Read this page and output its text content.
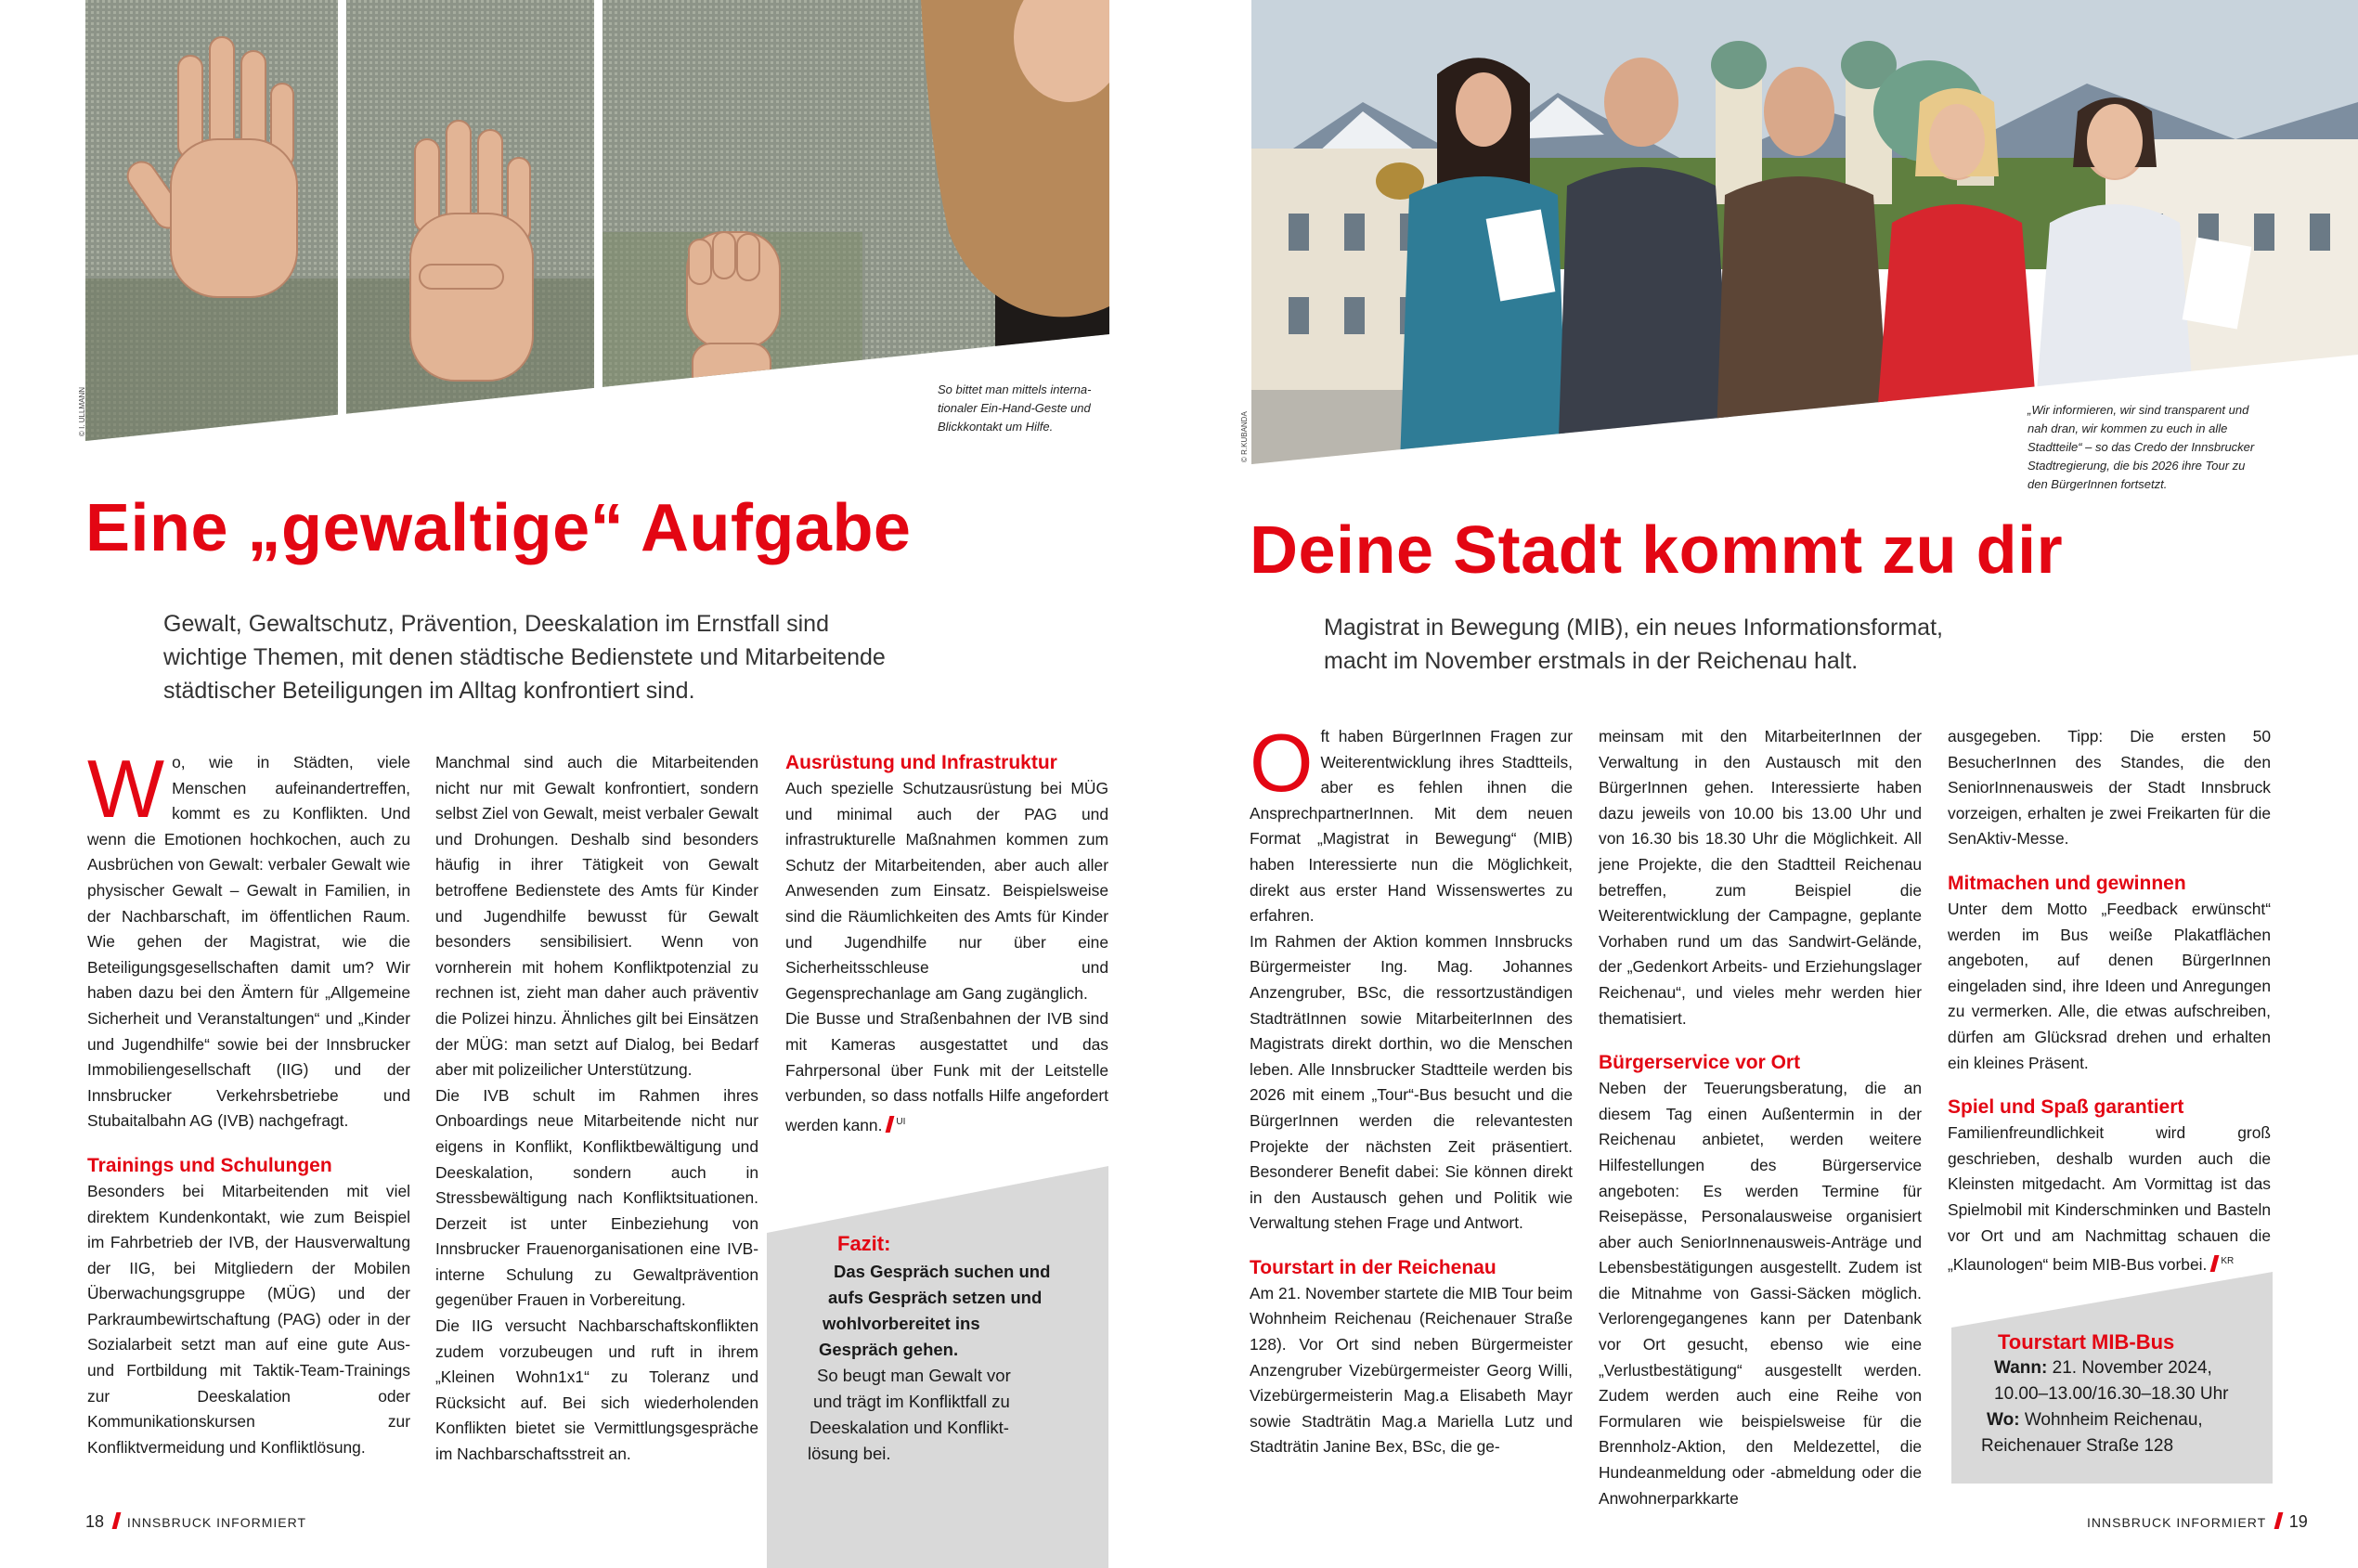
© I. ULLMANN	So bittet man mittels interna-
tionaler Ein-Hand-Geste und
Blickkontakt um Hilfe.
Eine „gewaltige“ Aufgabe
Gewalt, Gewaltschutz, Prävention, Deeskalation im Ernstfall sind
wichtige Themen, mit denen städtische Bedienstete und Mitarbeitende
städtischer Beteiligungen im Alltag konfrontiert sind.

Wo, wie in Städten, viele Menschen aufeinandertreffen, kommt es zu Konflikten. Und wenn die Emotionen hochkochen, auch zu Ausbrüchen von Gewalt: verbaler Gewalt wie physischer Gewalt – Gewalt in Familien, in der Nachbarschaft, im öffentlichen Raum. Wie gehen der Magistrat, wie die Beteiligungsgesellschaften damit um? Wir haben dazu bei den Ämtern für „Allgemeine Sicherheit und Veranstaltungen“ und „Kinder und Jugendhilfe“ sowie bei der Innsbrucker Immobiliengesellschaft (IIG) und der Innsbrucker Verkehrsbetriebe und Stubaitalbahn AG (IVB) nachgefragt.

Trainings und Schulungen

Besonders bei Mitarbeitenden mit viel direktem Kundenkontakt, wie zum Beispiel im Fahrbetrieb der IVB, der Hausverwaltung der IIG, bei Mitgliedern der Mobilen Überwachungsgruppe (MÜG) und der Parkraumbewirtschaftung (PAG) oder in der Sozialarbeit setzt man auf eine gute Aus- und Fortbildung mit Taktik-Team-Trainings zur Deeskalation oder Kommunikationskursen zur Konfliktvermeidung und Konfliktlösung.

Manchmal sind auch die Mitarbeitenden nicht nur mit Gewalt konfrontiert, sondern selbst Ziel von Gewalt, meist verbaler Gewalt und Drohungen. Deshalb sind besonders häufig in ihrer Tätigkeit von Gewalt betroffene Bedienstete des Amts für Kinder und Jugendhilfe bewusst für Gewalt besonders sensibilisiert. Wenn von vornherein mit hohem Konfliktpotenzial zu rechnen ist, zieht man daher auch präventiv die Polizei hinzu. Ähnliches gilt bei Einsätzen der MÜG: man setzt auf Dialog, bei Bedarf aber mit polizeilicher Unterstützung.

Die IVB schult im Rahmen ihres Onboardings neue Mitarbeitende nicht nur eigens in Konflikt, Konfliktbewältigung und Deeskalation, sondern auch in Stressbewältigung nach Konfliktsituationen. Derzeit ist unter Einbeziehung von Innsbrucker Frauenorganisationen eine IVB-interne Schulung zu Gewaltprävention gegenüber Frauen in Vorbereitung.

Die IIG versucht Nachbarschaftskonflikten zudem vorzubeugen und ruft in ihrem „Kleinen Wohn1x1“ zu Toleranz und Rücksicht auf. Bei sich wiederholenden Konflikten bietet sie Vermittlungsgespräche im Nachbarschaftsstreit an.

Ausrüstung und Infrastruktur

Auch spezielle Schutzausrüstung bei MÜG und minimal auch der PAG und infrastrukturelle Maßnahmen kommen zum Schutz der Mitarbeitenden, aber auch aller Anwesenden zum Einsatz. Beispielsweise sind die Räumlichkeiten des Amts für Kinder und Jugendhilfe nur über eine Sicherheitsschleuse und Gegensprechanlage am Gang zugänglich.

Die Busse und Straßenbahnen der IVB sind mit Kameras ausgestattet und das Fahrpersonal über Funk mit der Leitstelle verbunden, so dass notfalls Hilfe angefordert werden kann. $^{UI}$

Fazit:
Das Gespräch suchen und
aufs Gespräch setzen und
wohlvorbereitet ins
Gespräch gehen.
So beugt man Gewalt vor
und trägt im Konfliktfall zu
Deeskalation und Konflikt-
lösung bei.
18 INNSBRUCK INFORMIERT
© R.KUBANDA
„Wir informieren, wir sind transparent und
nah dran, wir kommen zu euch in alle
Stadtteile“ – so das Credo der Innsbrucker
Stadtregierung, die bis 2026 ihre Tour zu
den BürgerInnen fortsetzt.
Deine Stadt kommt zu dir
Magistrat in Bewegung (MIB), ein neues Informationsformat,
macht im November erstmals in der Reichenau halt.

Oft haben BürgerInnen Fragen zur Weiterentwicklung ihres Stadtteils, aber es fehlen ihnen die AnsprechpartnerInnen. Mit dem neuen Format „Magistrat in Bewegung“ (MIB) haben Interessierte nun die Möglichkeit, direkt aus erster Hand Wissenswertes zu erfahren.

Im Rahmen der Aktion kommen Innsbrucks Bürgermeister Ing. Mag. Johannes Anzengruber, BSc, die ressortzuständigen StadträtInnen sowie MitarbeiterInnen des Magistrats direkt dorthin, wo die Menschen leben. Alle Innsbrucker Stadtteile werden bis 2026 mit einem „Tour“-Bus besucht und die BürgerInnen werden die relevantesten Projekte der nächsten Zeit präsentiert. Besonderer Benefit dabei: Sie können direkt in den Austausch gehen und Politik wie Verwaltung stehen Frage und Antwort.

Tourstart in der Reichenau

Am 21. November startete die MIB Tour beim Wohnheim Reichenau (Reichenauer Straße 128). Vor Ort sind neben Bürgermeister Anzengruber Vizebürgermeister Georg Willi, Vizebürgermeisterin Mag.a Elisabeth Mayr sowie Stadträtin Mag.a Mariella Lutz und Stadträtin Janine Bex, BSc, die ge-

meinsam mit den MitarbeiterInnen der Verwaltung in den Austausch mit den BürgerInnen gehen. Interessierte haben dazu jeweils von 10.00 bis 13.00 Uhr und von 16.30 bis 18.30 Uhr die Möglichkeit. All jene Projekte, die den Stadtteil Reichenau betreffen, zum Beispiel die Weiterentwicklung der Campagne, geplante Vorhaben rund um das Sandwirt-Gelände, der „Gedenkort Arbeits- und Erziehungslager Reichenau“, und vieles mehr werden hier thematisiert.

Bürgerservice vor Ort

Neben der Teuerungsberatung, die an diesem Tag einen Außentermin in der Reichenau anbietet, werden weitere Hilfestellungen des Bürgerservice angeboten: Es werden Termine für Reisepässe, Personalausweise organisiert aber auch SeniorInnenausweis-Anträge und Lebensbestätigungen ausgestellt. Zudem ist die Mitnahme von Gassi-Säcken möglich. Verlorengegangenes kann per Datenbank vor Ort gesucht, ebenso wie eine „Verlustbestätigung“ ausgestellt werden. Zudem werden auch eine Reihe von Formularen wie beispielsweise für die Brennholz-Aktion, den Meldezettel, die Hundeanmeldung oder -abmeldung oder die Anwohnerparkkarte

ausgegeben. Tipp: Die ersten 50 BesucherInnen des Standes, die den SeniorInnenausweis der Stadt Innsbruck vorzeigen, erhalten je zwei Freikarten für die SenAktiv-Messe.

Mitmachen und gewinnen

Unter dem Motto „Feedback erwünscht“ werden im Bus weiße Plakatflächen angeboten, auf denen BürgerInnen eingeladen sind, ihre Ideen und Anregungen zu vermerken. Alle, die etwas aufschreiben, dürfen am Glücksrad drehen und erhalten ein kleines Präsent.

Spiel und Spaß garantiert

Familienfreundlichkeit wird groß geschrieben, deshalb wurden auch die Kleinsten mitgedacht. Am Vormittag ist das Spielmobil mit Kinderschminken und Basteln vor Ort und am Nachmittag schauen die „Klaunologen“ beim MIB-Bus vorbei. $^{KR}$

Tourstart MIB-Bus
Wann: 21. November 2024,
10.00–13.00/16.30–18.30 Uhr
Wo: Wohnheim Reichenau,
Reichenauer Straße 128
INNSBRUCK INFORMIERT 19
